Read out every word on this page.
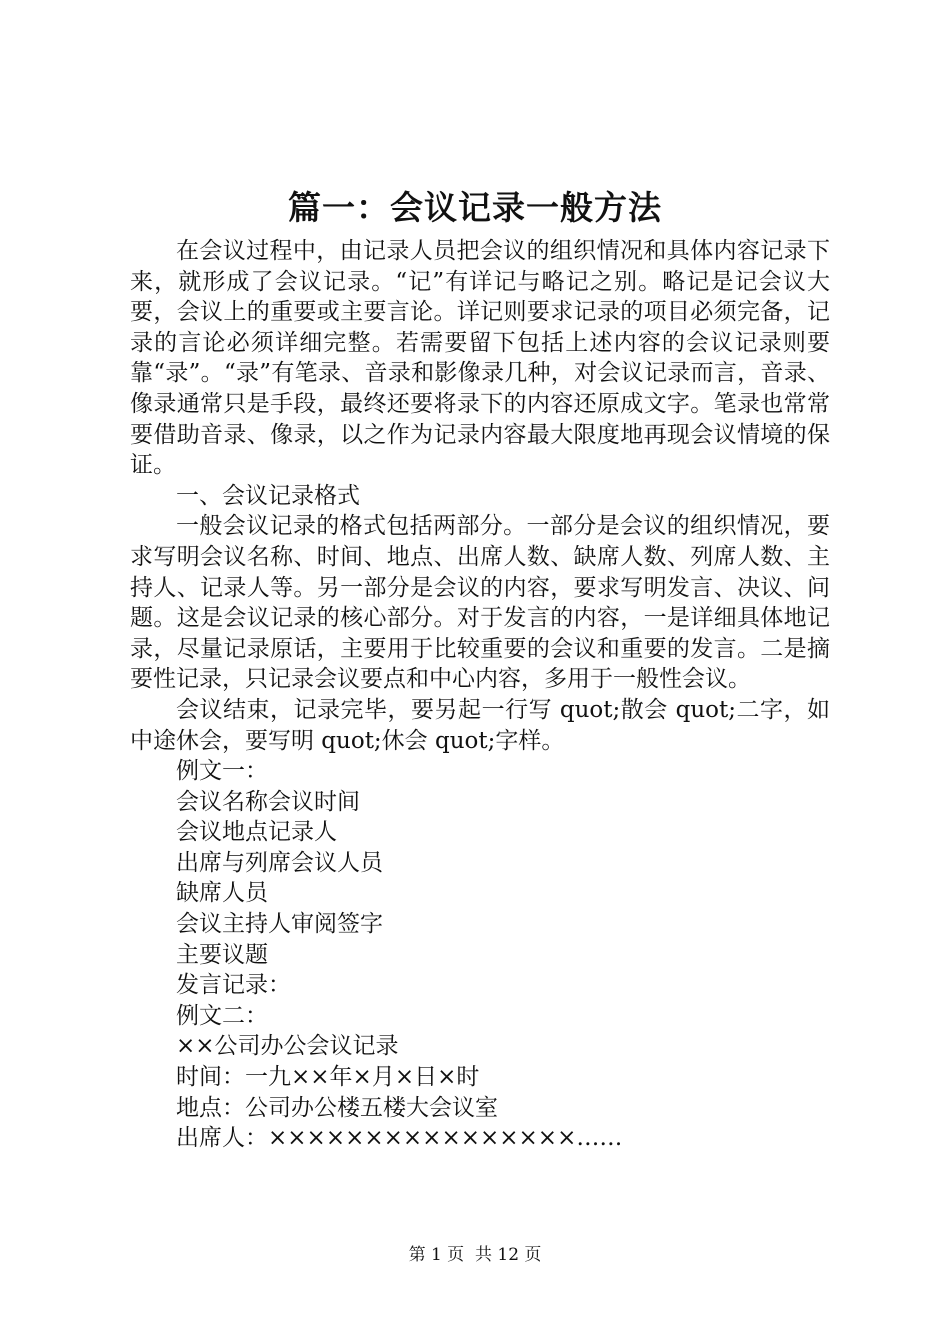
篇一：会议记录一般方法

在会议过程中，由记录人员把会议的组织情况和具体内容记录下来，就形成了会议记录。“记”有详记与略记之别。略记是记会议大要，会议上的重要或主要言论。详记则要求记录的项目必须完备，记录的言论必须详细完整。若需要留下包括上述内容的会议记录则要靠“录”。“录”有笔录、音录和影像录几种，对会议记录而言，音录、像录通常只是手段，最终还要将录下的内容还原成文字。笔录也常常要借助音录、像录，以之作为记录内容最大限度地再现会议情境的保证。

一、会议记录格式

一般会议记录的格式包括两部分。一部分是会议的组织情况，要求写明会议名称、时间、地点、出席人数、缺席人数、列席人数、主持人、记录人等。另一部分是会议的内容，要求写明发言、决议、问题。这是会议记录的核心部分。对于发言的内容，一是详细具体地记录，尽量记录原话，主要用于比较重要的会议和重要的发言。二是摘要性记录，只记录会议要点和中心内容，多用于一般性会议。

会议结束，记录完毕，要另起一行写 quot;散会 quot;二字，如中途休会，要写明 quot;休会 quot;字样。

例文一：

会议名称会议时间

会议地点记录人

出席与列席会议人员

缺席人员

会议主持人审阅签字

主要议题

发言记录：

例文二：

××公司办公会议记录

时间：一九××年×月×日×时

地点：公司办公楼五楼大会议室

出席人：××××××××××××××××……

第 1 页  共 12 页
